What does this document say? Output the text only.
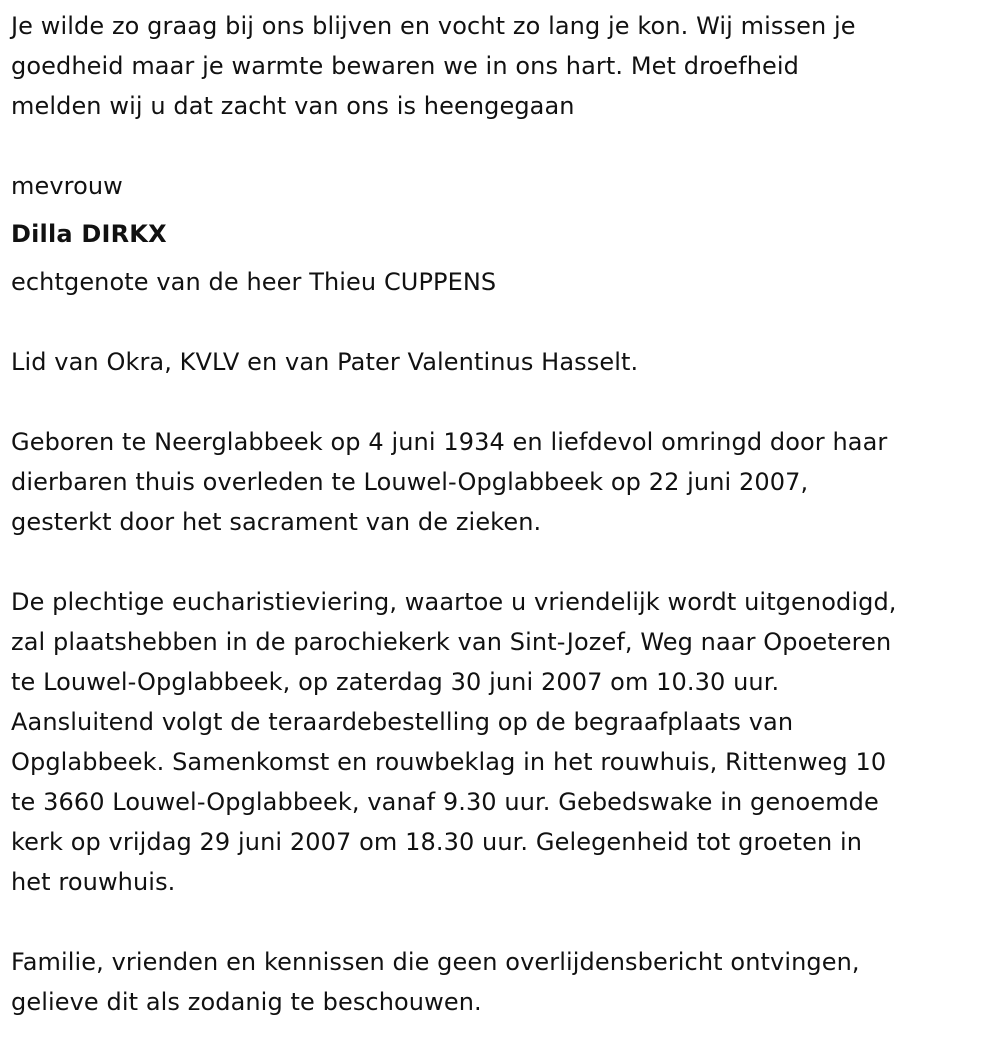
Je wilde zo graag bij ons blijven en vocht zo lang je kon. Wij missen je
goedheid maar je warmte bewaren we in ons hart. Met droefheid
melden wij u dat zacht van ons is heengegaan

mevrouw

Dilla DIRKX

echtgenote van de heer Thieu CUPPENS

Lid van Okra, KVLV en van Pater Valentinus Hasselt.

Geboren te Neerglabbeek op 4 juni 1934 en liefdevol omringd door haar
dierbaren thuis overleden te Louwel-Opglabbeek op 22 juni 2007,
gesterkt door het sacrament van de zieken.

De plechtige eucharistieviering, waartoe u vriendelijk wordt uitgenodigd,
zal plaatshebben in de parochiekerk van Sint-Jozef, Weg naar Opoeteren
te Louwel-Opglabbeek, op zaterdag 30 juni 2007 om 10.30 uur.
Aansluitend volgt de teraardebestelling op de begraafplaats van
Opglabbeek. Samenkomst en rouwbeklag in het rouwhuis, Rittenweg 10
te 3660 Louwel-Opglabbeek, vanaf 9.30 uur. Gebedswake in genoemde
kerk op vrijdag 29 juni 2007 om 18.30 uur. Gelegenheid tot groeten in
het rouwhuis.

Familie, vrienden en kennissen die geen overlijdensbericht ontvingen,
gelieve dit als zodanig te beschouwen.
